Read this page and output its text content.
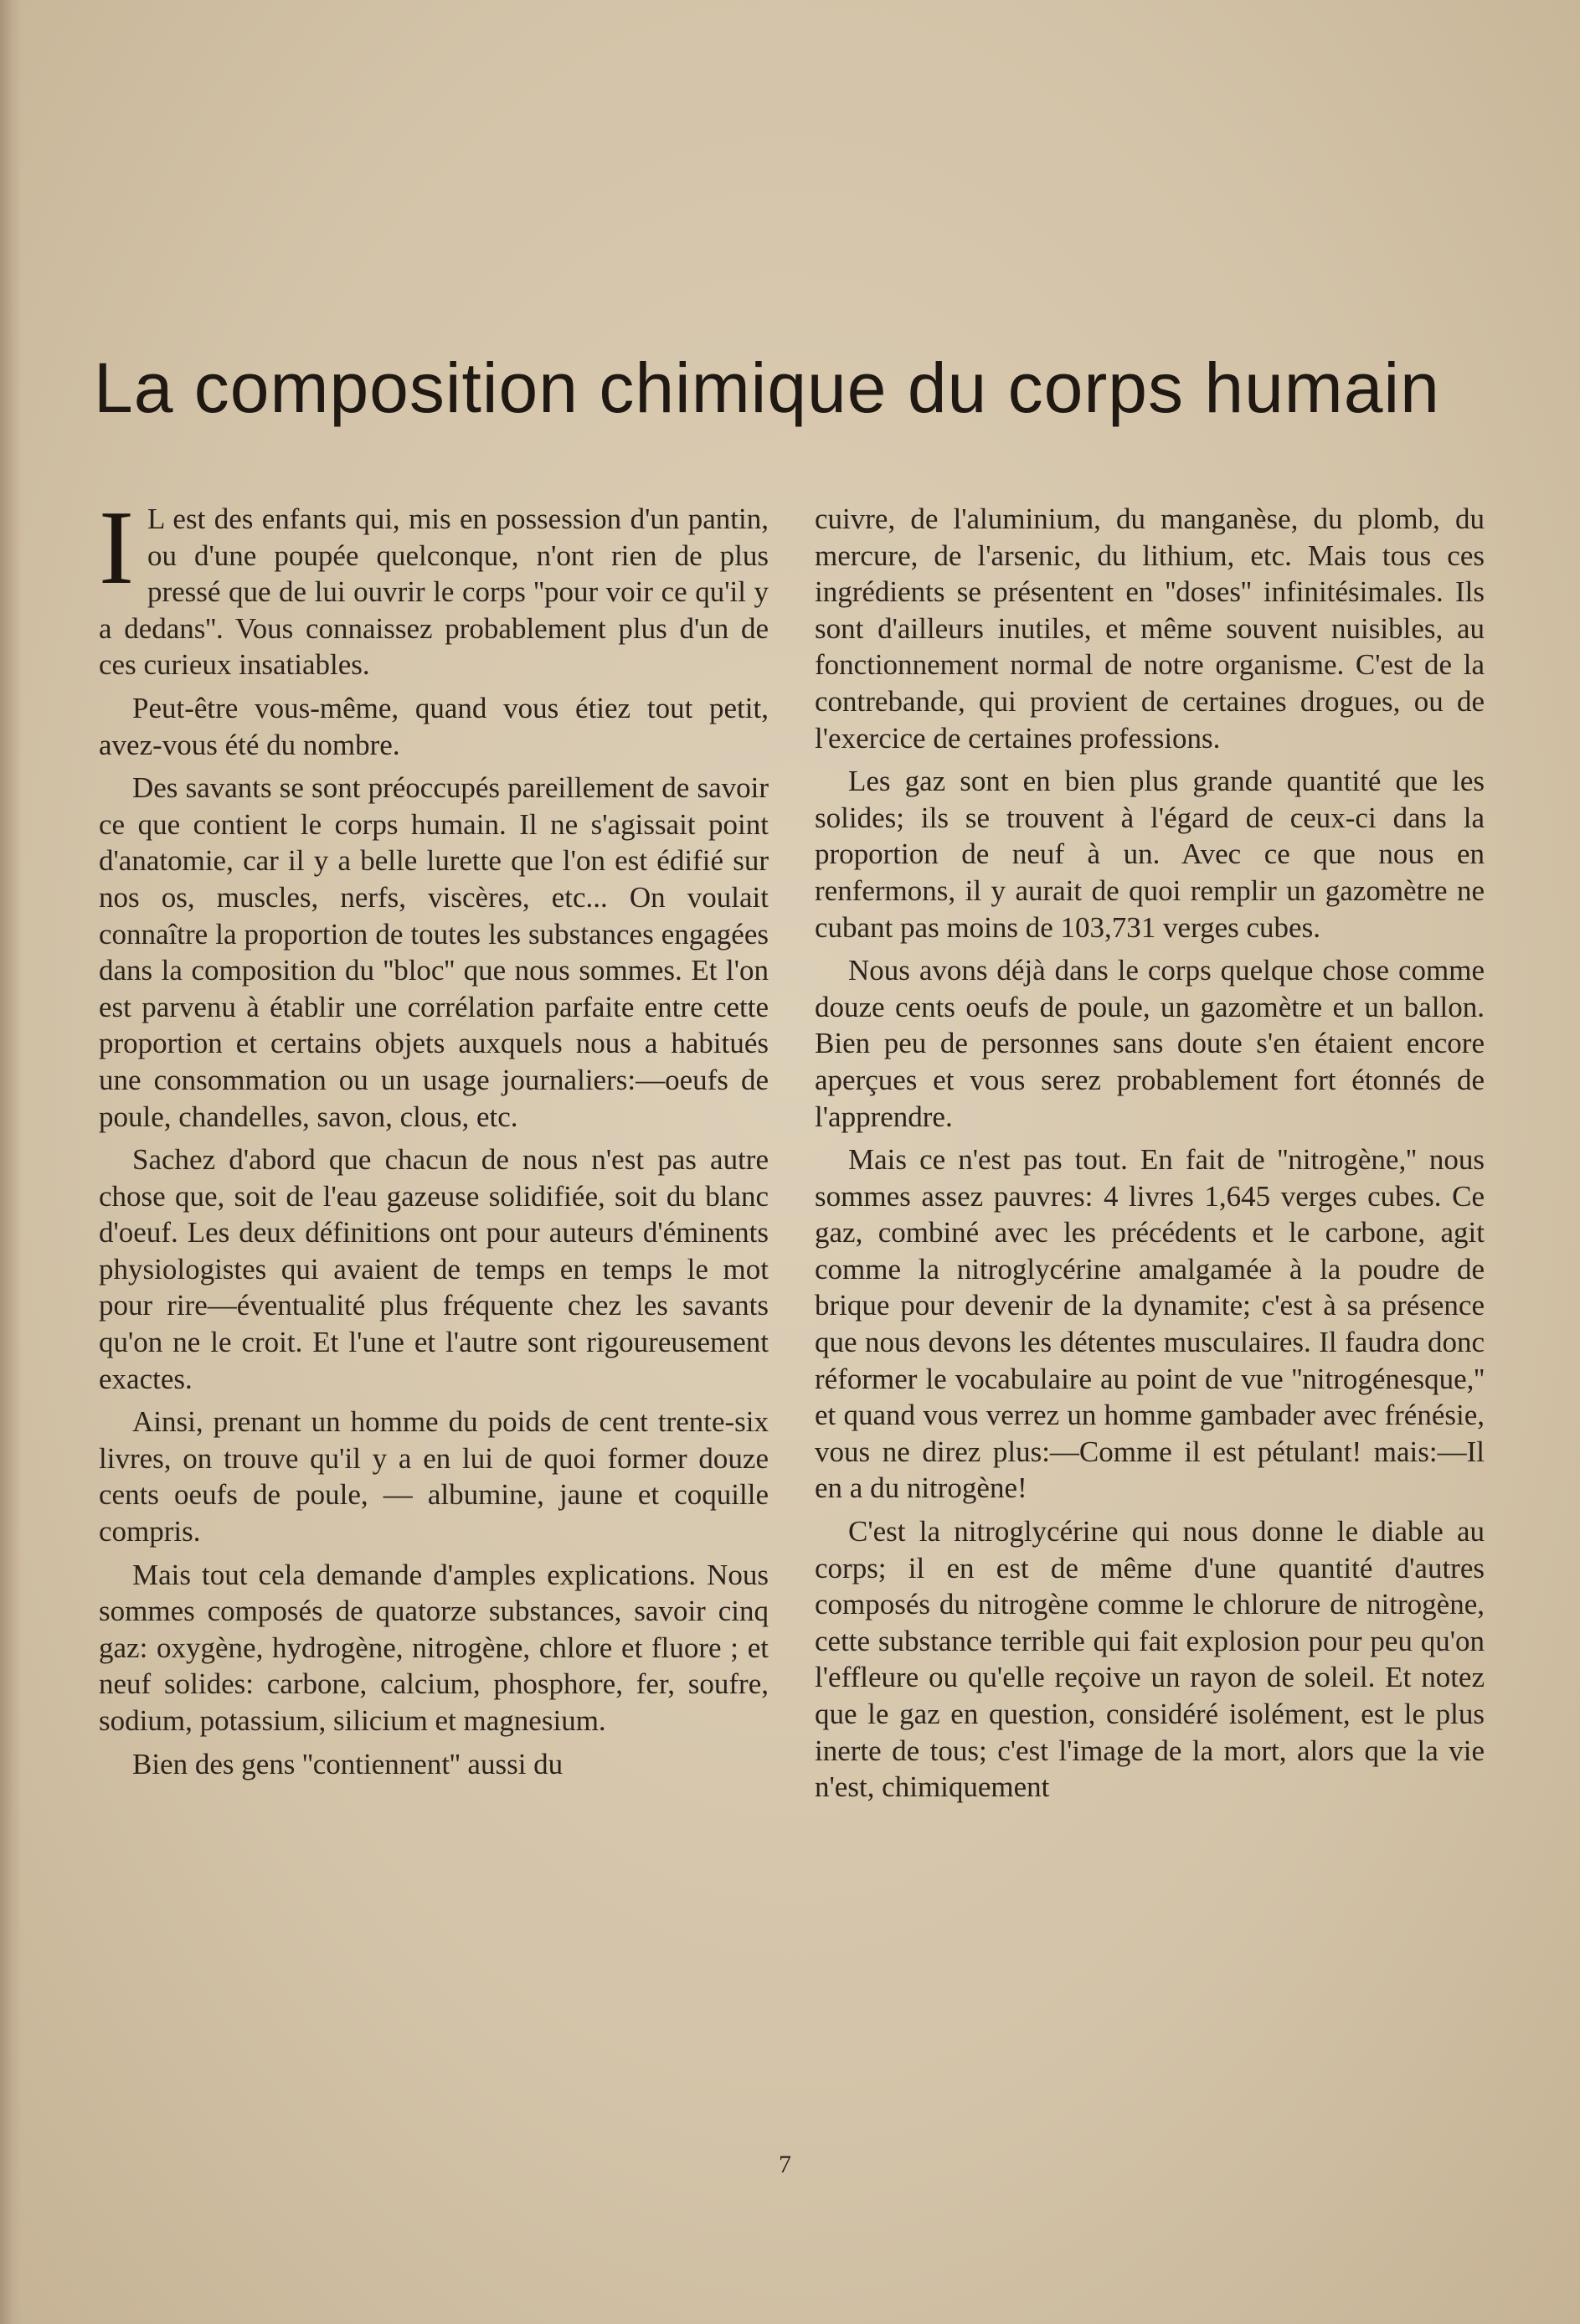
La composition chimique du corps humain
I L est des enfants qui, mis en possession d'un pantin, ou d'une poupée quelconque, n'ont rien de plus pressé que de lui ouvrir le corps ''pour voir ce qu'il y a dedans''. Vous connaissez probablement plus d'un de ces curieux insatiables.

Peut-être vous-même, quand vous étiez tout petit, avez-vous été du nombre.

Des savants se sont préoccupés pareillement de savoir ce que contient le corps humain. Il ne s'agissait point d'anatomie, car il y a belle lurette que l'on est édifié sur nos os, muscles, nerfs, viscères, etc... On voulait connaître la proportion de toutes les substances engagées dans la composition du ''bloc'' que nous sommes. Et l'on est parvenu à établir une corrélation parfaite entre cette proportion et certains objets auxquels nous a habitués une consommation ou un usage journaliers:—oeufs de poule, chandelles, savon, clous, etc.

Sachez d'abord que chacun de nous n'est pas autre chose que, soit de l'eau gazeuse solidifiée, soit du blanc d'oeuf. Les deux définitions ont pour auteurs d'éminents physiologistes qui avaient de temps en temps le mot pour rire—éventualité plus fréquente chez les savants qu'on ne le croit. Et l'une et l'autre sont rigoureusement exactes.

Ainsi, prenant un homme du poids de cent trente-six livres, on trouve qu'il y a en lui de quoi former douze cents oeufs de poule, — albumine, jaune et coquille compris.

Mais tout cela demande d'amples explications. Nous sommes composés de quatorze substances, savoir cinq gaz: oxygène, hydrogène, nitrogène, chlore et fluore ; et neuf solides: carbone, calcium, phosphore, fer, soufre, sodium, potassium, silicium et magnesium.

Bien des gens ''contiennent'' aussi du

cuivre, de l'aluminium, du manganèse, du plomb, du mercure, de l'arsenic, du lithium, etc. Mais tous ces ingrédients se présentent en ''doses'' infinitésimales. Ils sont d'ailleurs inutiles, et même souvent nuisibles, au fonctionnement normal de notre organisme. C'est de la contrebande, qui provient de certaines drogues, ou de l'exercice de certaines professions.

Les gaz sont en bien plus grande quantité que les solides; ils se trouvent à l'égard de ceux-ci dans la proportion de neuf à un. Avec ce que nous en renfermons, il y aurait de quoi remplir un gazomètre ne cubant pas moins de 103,731 verges cubes.

Nous avons déjà dans le corps quelque chose comme douze cents oeufs de poule, un gazomètre et un ballon. Bien peu de personnes sans doute s'en étaient encore aperçues et vous serez probablement fort étonnés de l'apprendre.

Mais ce n'est pas tout. En fait de ''nitrogène,'' nous sommes assez pauvres: 4 livres 1,645 verges cubes. Ce gaz, combiné avec les précédents et le carbone, agit comme la nitroglycérine amalgamée à la poudre de brique pour devenir de la dynamite; c'est à sa présence que nous devons les détentes musculaires. Il faudra donc réformer le vocabulaire au point de vue ''nitrogénesque,'' et quand vous verrez un homme gambader avec frénésie, vous ne direz plus:—Comme il est pétulant! mais:—Il en a du nitrogène!

C'est la nitroglycérine qui nous donne le diable au corps; il en est de même d'une quantité d'autres composés du nitrogène comme le chlorure de nitrogène, cette substance terrible qui fait explosion pour peu qu'on l'effleure ou qu'elle reçoive un rayon de soleil. Et notez que le gaz en question, considéré isolément, est le plus inerte de tous; c'est l'image de la mort, alors que la vie n'est, chimiquement

7
